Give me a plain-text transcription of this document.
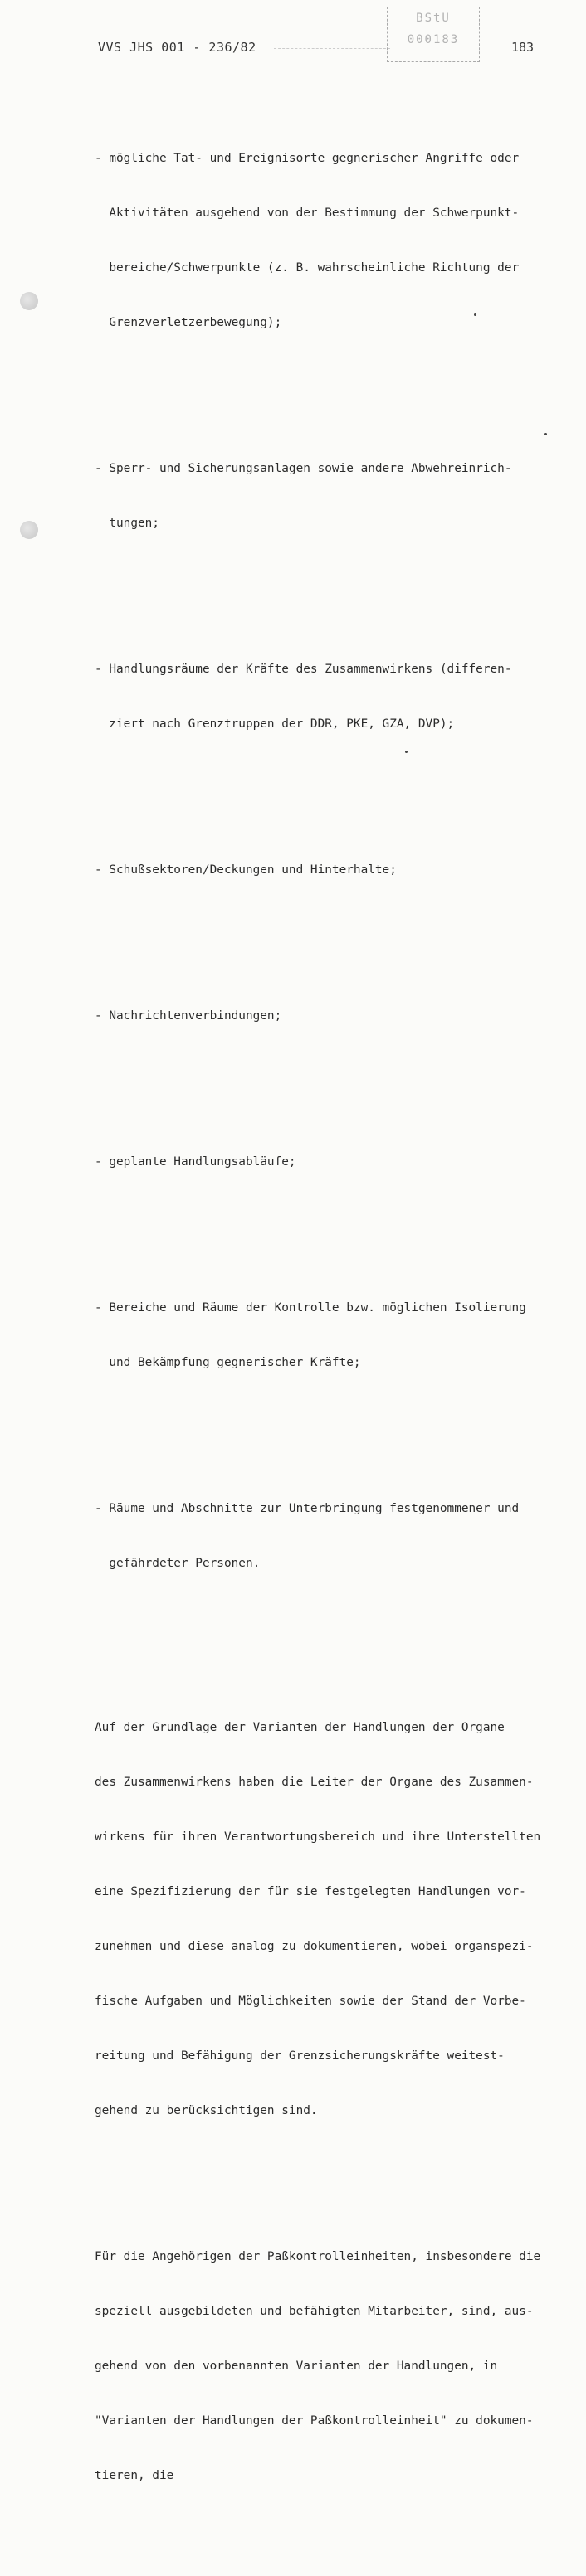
VVS JHS 001 - 236/82
BStU
000183	183

- mögliche Tat- und Ereignisorte gegnerischer Angriffe oder

Aktivitäten ausgehend von der Bestimmung der Schwerpunkt-

bereiche/Schwerpunkte (z. B. wahrscheinliche Richtung der

Grenzverletzerbewegung);

- Sperr- und Sicherungsanlagen sowie andere Abwehreinrich-

tungen;

- Handlungsräume der Kräfte des Zusammenwirkens (differen-

ziert nach Grenztruppen der DDR, PKE, GZA, DVP);

- Schußsektoren/Deckungen und Hinterhalte;

- Nachrichtenverbindungen;

- geplante Handlungsabläufe;

- Bereiche und Räume der Kontrolle bzw. möglichen Isolierung

und Bekämpfung gegnerischer Kräfte;

- Räume und Abschnitte zur Unterbringung festgenommener und

gefährdeter Personen.

Auf der Grundlage der Varianten der Handlungen der Organe

des Zusammenwirkens haben die Leiter der Organe des Zusammen-

wirkens für ihren Verantwortungsbereich und ihre Unterstellten

eine Spezifizierung der für sie festgelegten Handlungen vor-

zunehmen und diese analog zu dokumentieren, wobei organspezi-

fische Aufgaben und Möglichkeiten sowie der Stand der Vorbe-

reitung und Befähigung der Grenzsicherungskräfte weitest-

gehend zu berücksichtigen sind.

Für die Angehörigen der Paßkontrolleinheiten, insbesondere die

speziell ausgebildeten und befähigten Mitarbeiter, sind, aus-

gehend von den vorbenannten Varianten der Handlungen, in

"Varianten der Handlungen der Paßkontrolleinheit" zu dokumen-

tieren, die
